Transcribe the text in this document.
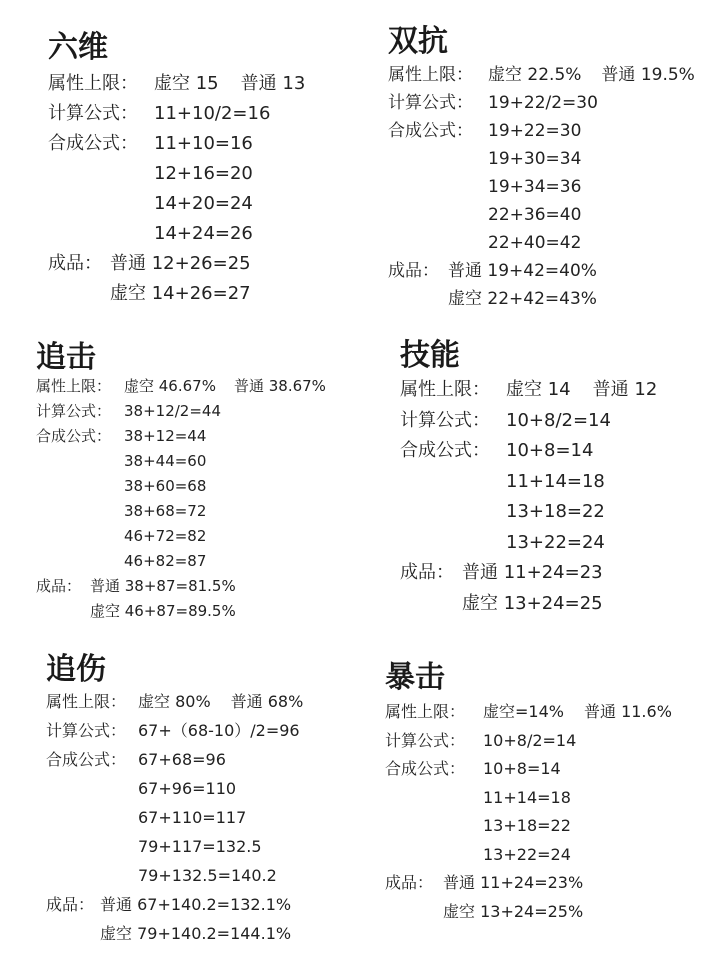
六维
属性上限： 虚空 15 普通 13
计算公式： 11+10/2=16
合成公式： 11+10=16
12+16=20
14+20=24
14+24=26
成品： 普通 12+26=25
虚空 14+26=27
双抗
属性上限： 虚空 22.5% 普通 19.5%
计算公式： 19+22/2=30
合成公式： 19+22=30
19+30=34
19+34=36
22+36=40
22+40=42
成品： 普通 19+42=40%
虚空 22+42=43%
追击
属性上限： 虚空 46.67% 普通 38.67%
计算公式： 38+12/2=44
合成公式： 38+12=44
38+44=60
38+60=68
38+68=72
46+72=82
46+82=87
成品： 普通 38+87=81.5%
虚空 46+87=89.5%
技能
属性上限： 虚空 14 普通 12
计算公式： 10+8/2=14
合成公式： 10+8=14
11+14=18
13+18=22
13+22=24
成品： 普通 11+24=23
虚空 13+24=25
追伤
属性上限： 虚空 80% 普通 68%
计算公式： 67+（68-10）/2=96
合成公式： 67+68=96
67+96=110
67+110=117
79+117=132.5
79+132.5=140.2
成品： 普通 67+140.2=132.1%
虚空 79+140.2=144.1%
暴击
属性上限：	虚空=14% 普通 11.6%
计算公式：	10+8/2=14
合成公式：	10+8=14
11+14=18
13+18=22
13+22=24
成品： 普通 11+24=23%
虚空 13+24=25%
